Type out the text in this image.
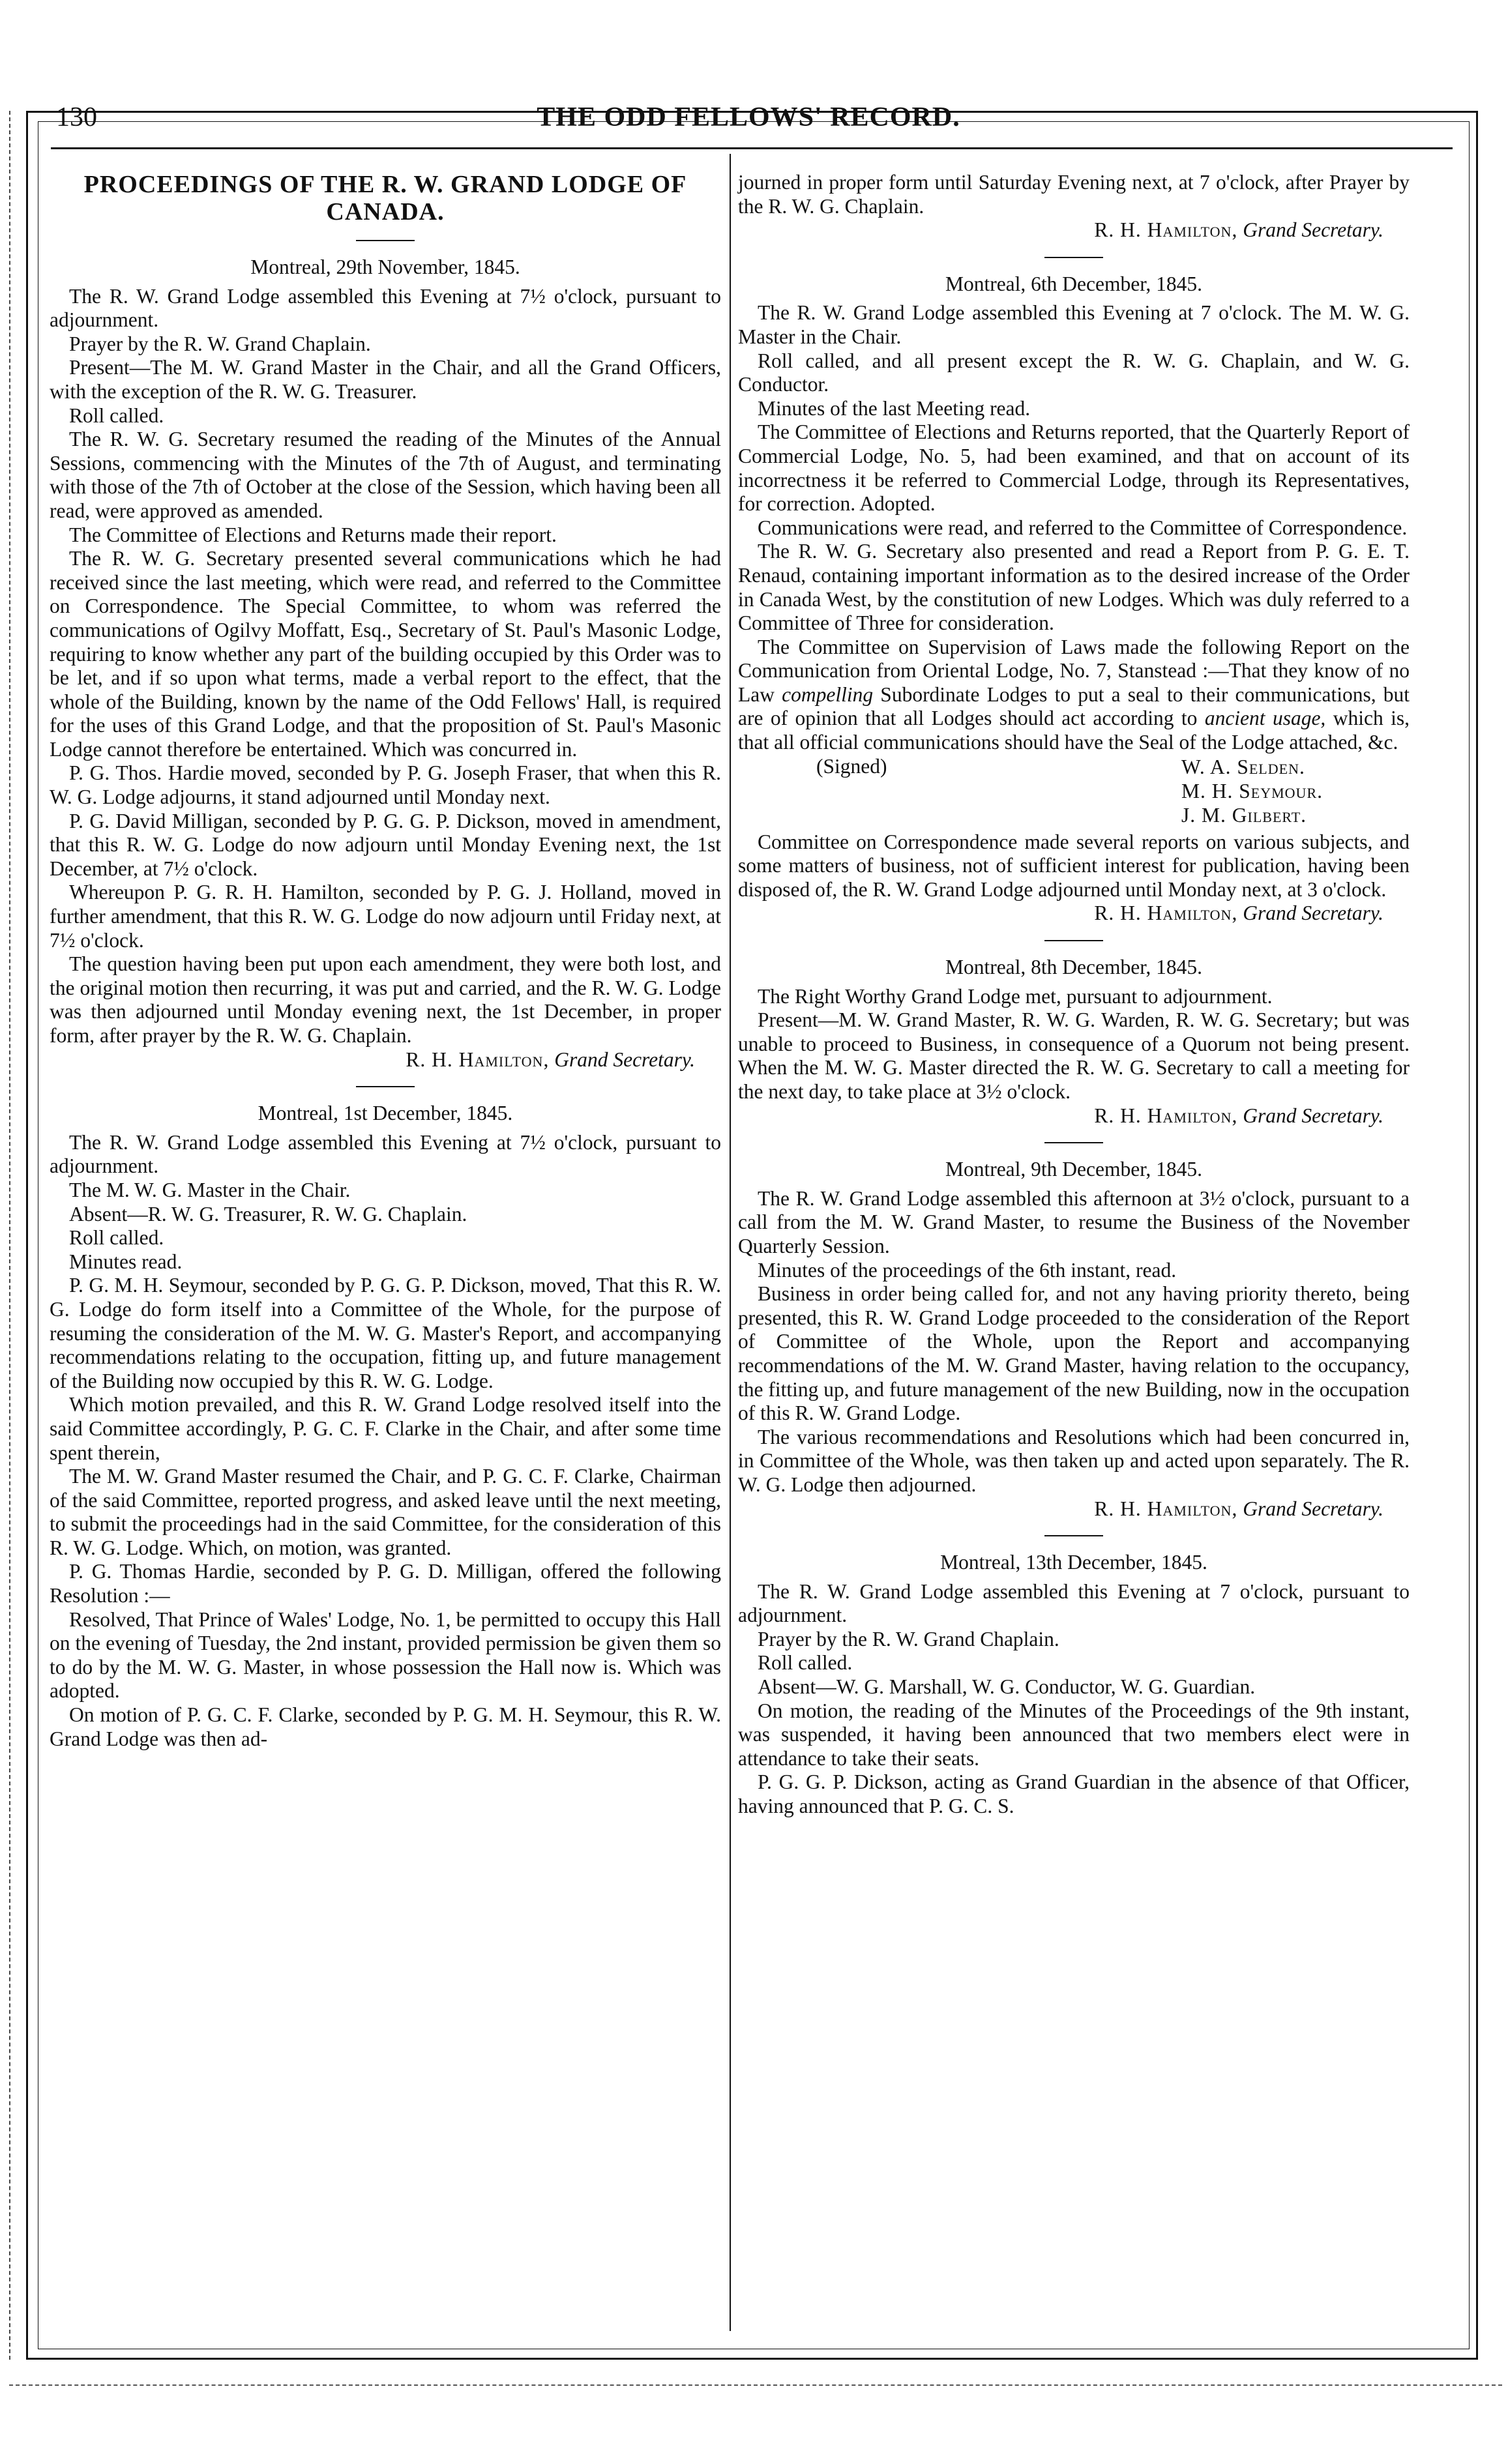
130	THE ODD FELLOWS' RECORD.
PROCEEDINGS OF THE R. W. GRAND LODGE OF CANADA.

Montreal, 29th November, 1845.

The R. W. Grand Lodge assembled this Evening at 7½ o'clock, pursuant to adjournment.

Prayer by the R. W. Grand Chaplain.

Present—The M. W. Grand Master in the Chair, and all the Grand Officers, with the exception of the R. W. G. Treasurer.

Roll called.

The R. W. G. Secretary resumed the reading of the Minutes of the Annual Sessions, commencing with the Minutes of the 7th of August, and terminating with those of the 7th of October at the close of the Session, which having been all read, were approved as amended.

The Committee of Elections and Returns made their report.

The R. W. G. Secretary presented several communications which he had received since the last meeting, which were read, and referred to the Committee on Correspondence. The Special Committee, to whom was referred the communications of Ogilvy Moffatt, Esq., Secretary of St. Paul's Masonic Lodge, requiring to know whether any part of the building occupied by this Order was to be let, and if so upon what terms, made a verbal report to the effect, that the whole of the Building, known by the name of the Odd Fellows' Hall, is required for the uses of this Grand Lodge, and that the proposition of St. Paul's Masonic Lodge cannot therefore be entertained. Which was concurred in.

P. G. Thos. Hardie moved, seconded by P. G. Joseph Fraser, that when this R. W. G. Lodge adjourns, it stand adjourned until Monday next.

P. G. David Milligan, seconded by P. G. G. P. Dickson, moved in amendment, that this R. W. G. Lodge do now adjourn until Monday Evening next, the 1st December, at 7½ o'clock.

Whereupon P. G. R. H. Hamilton, seconded by P. G. J. Holland, moved in further amendment, that this R. W. G. Lodge do now adjourn until Friday next, at 7½ o'clock.

The question having been put upon each amendment, they were both lost, and the original motion then recurring, it was put and carried, and the R. W. G. Lodge was then adjourned until Monday evening next, the 1st December, in proper form, after prayer by the R. W. G. Chaplain.

R. H. Hamilton, Grand Secretary.

Montreal, 1st December, 1845.

The R. W. Grand Lodge assembled this Evening at 7½ o'clock, pursuant to adjournment.

The M. W. G. Master in the Chair.

Absent—R. W. G. Treasurer, R. W. G. Chaplain.

Roll called.

Minutes read.

P. G. M. H. Seymour, seconded by P. G. G. P. Dickson, moved, That this R. W. G. Lodge do form itself into a Committee of the Whole, for the purpose of resuming the consideration of the M. W. G. Master's Report, and accompanying recommendations relating to the occupation, fitting up, and future management of the Building now occupied by this R. W. G. Lodge.

Which motion prevailed, and this R. W. Grand Lodge resolved itself into the said Committee accordingly, P. G. C. F. Clarke in the Chair, and after some time spent therein,

The M. W. Grand Master resumed the Chair, and P. G. C. F. Clarke, Chairman of the said Committee, reported progress, and asked leave until the next meeting, to submit the proceedings had in the said Committee, for the consideration of this R. W. G. Lodge. Which, on motion, was granted.

P. G. Thomas Hardie, seconded by P. G. D. Milligan, offered the following Resolution :—

Resolved, That Prince of Wales' Lodge, No. 1, be permitted to occupy this Hall on the evening of Tuesday, the 2nd instant, provided permission be given them so to do by the M. W. G. Master, in whose possession the Hall now is. Which was adopted.

On motion of P. G. C. F. Clarke, seconded by P. G. M. H. Seymour, this R. W. Grand Lodge was then ad-

journed in proper form until Saturday Evening next, at 7 o'clock, after Prayer by the R. W. G. Chaplain.

R. H. Hamilton, Grand Secretary.

Montreal, 6th December, 1845.

The R. W. Grand Lodge assembled this Evening at 7 o'clock. The M. W. G. Master in the Chair.

Roll called, and all present except the R. W. G. Chaplain, and W. G. Conductor.

Minutes of the last Meeting read.

The Committee of Elections and Returns reported, that the Quarterly Report of Commercial Lodge, No. 5, had been examined, and that on account of its incorrectness it be referred to Commercial Lodge, through its Representatives, for correction. Adopted.

Communications were read, and referred to the Committee of Correspondence.

The R. W. G. Secretary also presented and read a Report from P. G. E. T. Renaud, containing important information as to the desired increase of the Order in Canada West, by the constitution of new Lodges. Which was duly referred to a Committee of Three for consideration.

The Committee on Supervision of Laws made the following Report on the Communication from Oriental Lodge, No. 7, Stanstead :—That they know of no Law compelling Subordinate Lodges to put a seal to their communications, but are of opinion that all Lodges should act according to ancient usage, which is, that all official communications should have the Seal of the Lodge attached, &c.

(Signed)	W. A. Selden.
M. H. Seymour.
J. M. Gilbert.

Committee on Correspondence made several reports on various subjects, and some matters of business, not of sufficient interest for publication, having been disposed of, the R. W. Grand Lodge adjourned until Monday next, at 3 o'clock.

R. H. Hamilton, Grand Secretary.

Montreal, 8th December, 1845.

The Right Worthy Grand Lodge met, pursuant to adjournment.

Present—M. W. Grand Master, R. W. G. Warden, R. W. G. Secretary; but was unable to proceed to Business, in consequence of a Quorum not being present. When the M. W. G. Master directed the R. W. G. Secretary to call a meeting for the next day, to take place at 3½ o'clock.

R. H. Hamilton, Grand Secretary.

Montreal, 9th December, 1845.

The R. W. Grand Lodge assembled this afternoon at 3½ o'clock, pursuant to a call from the M. W. Grand Master, to resume the Business of the November Quarterly Session.

Minutes of the proceedings of the 6th instant, read.

Business in order being called for, and not any having priority thereto, being presented, this R. W. Grand Lodge proceeded to the consideration of the Report of Committee of the Whole, upon the Report and accompanying recommendations of the M. W. Grand Master, having relation to the occupancy, the fitting up, and future management of the new Building, now in the occupation of this R. W. Grand Lodge.

The various recommendations and Resolutions which had been concurred in, in Committee of the Whole, was then taken up and acted upon separately. The R. W. G. Lodge then adjourned.

R. H. Hamilton, Grand Secretary.

Montreal, 13th December, 1845.

The R. W. Grand Lodge assembled this Evening at 7 o'clock, pursuant to adjournment.

Prayer by the R. W. Grand Chaplain.

Roll called.

Absent—W. G. Marshall, W. G. Conductor, W. G. Guardian.

On motion, the reading of the Minutes of the Proceedings of the 9th instant, was suspended, it having been announced that two members elect were in attendance to take their seats.

P. G. G. P. Dickson, acting as Grand Guardian in the absence of that Officer, having announced that P. G. C. S.
